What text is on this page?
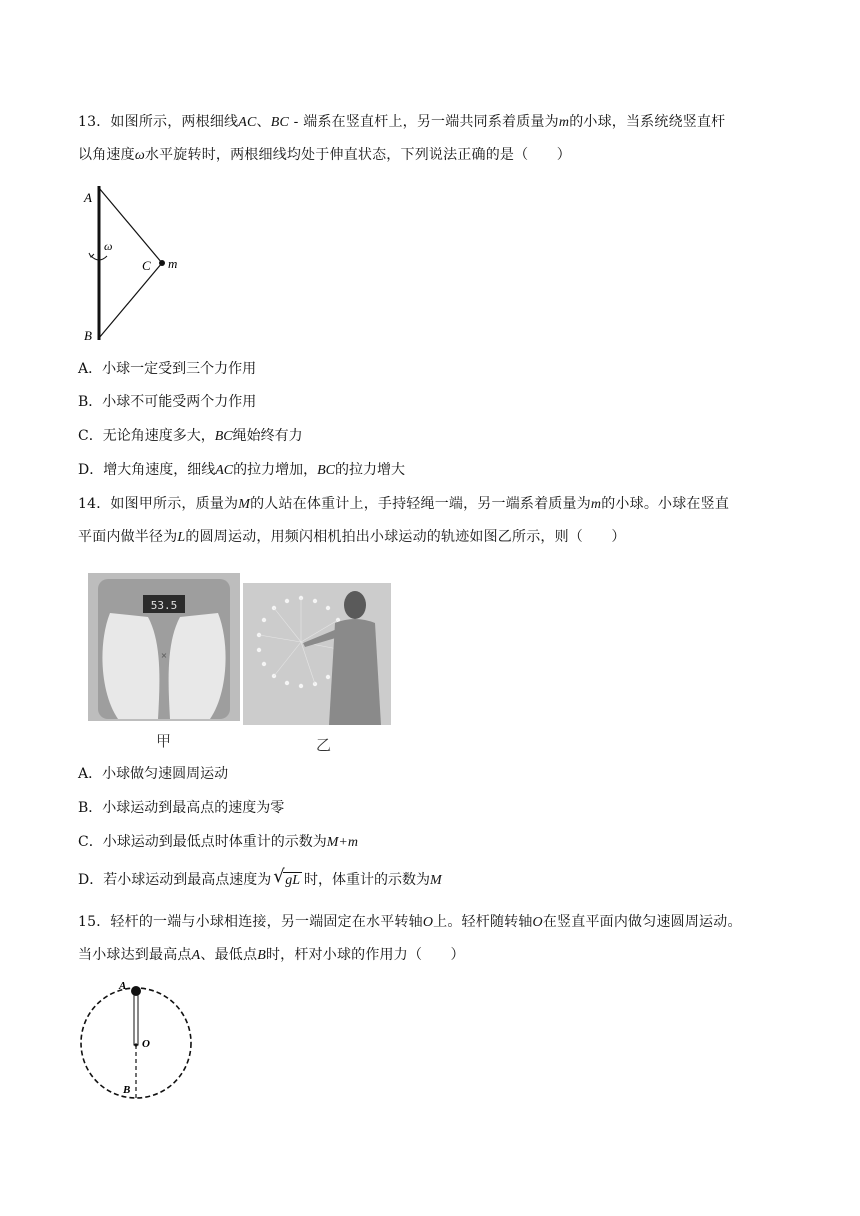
13．如图所示，两根细线AC、BC - 端系在竖直杆上，另一端共同系着质量为m的小球，当系统绕竖直杆
以角速度ω水平旋转时，两根细线均处于伸直状态，下列说法正确的是（　　）
A
B
C m
ω
A．小球一定受到三个力作用
B．小球不可能受两个力作用
C．无论角速度多大，BC绳始终有力
D．增大角速度，细线AC的拉力增加，BC的拉力增大
14．如图甲所示，质量为M的人站在体重计上，手持轻绳一端，另一端系着质量为m的小球。小球在竖直
平面内做半径为L的圆周运动，用频闪相机拍出小球运动的轨迹如图乙所示，则（　　）
53.5
×
甲	乙
A．小球做匀速圆周运动
B．小球运动到最高点的速度为零
C．小球运动到最低点时体重计的示数为M+m
D．若小球运动到最高点速度为 √ gL 时，体重计的示数为M
15．轻杆的一端与小球相连接，另一端固定在水平转轴O上。轻杆随转轴O在竖直平面内做匀速圆周运动。
当小球达到最高点A、最低点B时，杆对小球的作用力（　　）
A
O
B
